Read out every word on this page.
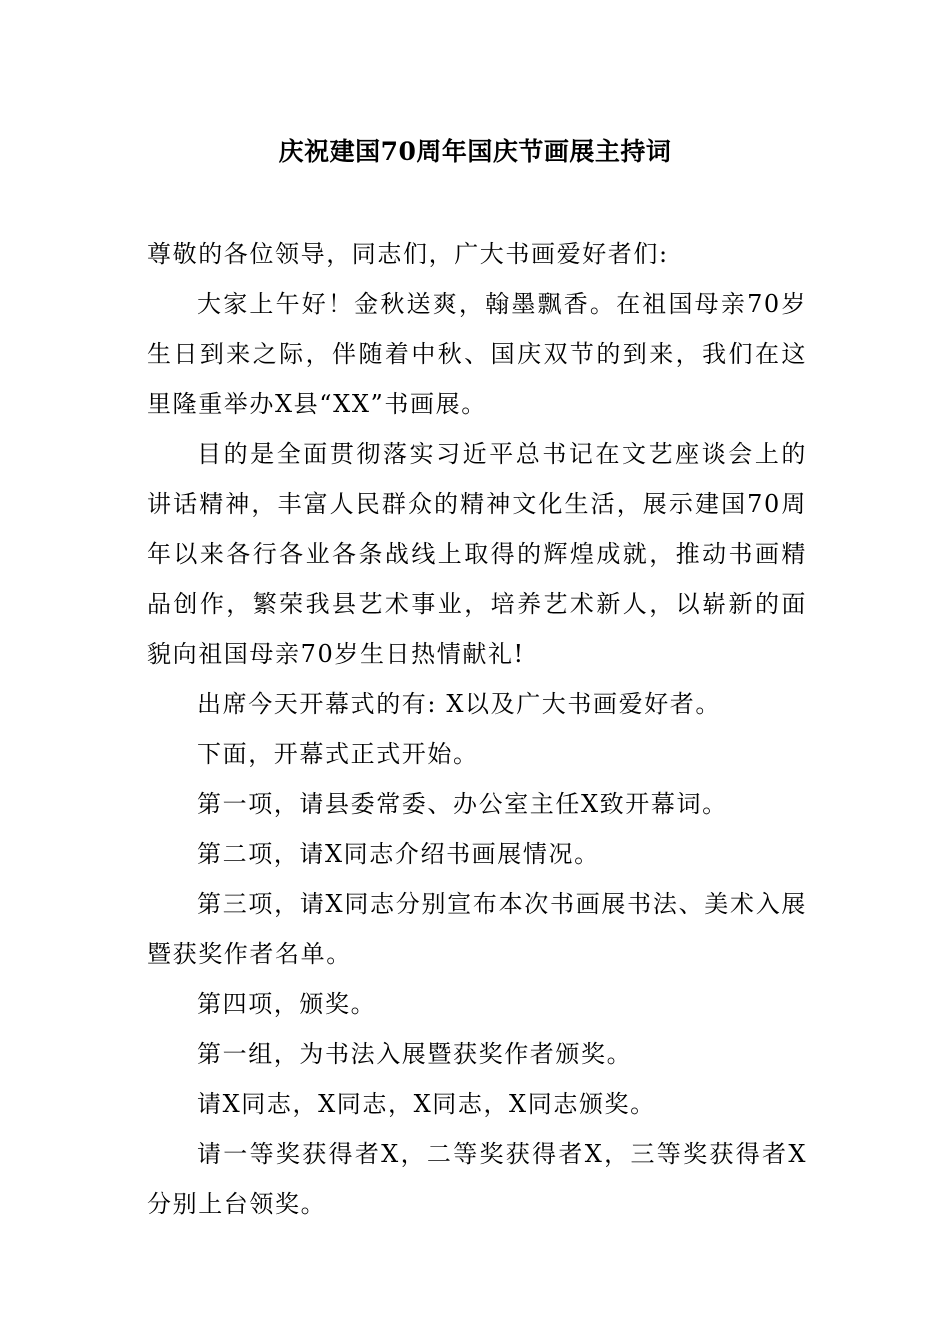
庆祝建国70周年国庆节画展主持词

尊敬的各位领导，同志们，广大书画爱好者们:

大家上午好！金秋送爽，翰墨飘香。在祖国母亲70岁生日到来之际，伴随着中秋、国庆双节的到来，我们在这里隆重举办X县“XX”书画展。

目的是全面贯彻落实习近平总书记在文艺座谈会上的讲话精神，丰富人民群众的精神文化生活，展示建国70周年以来各行各业各条战线上取得的辉煌成就，推动书画精品创作，繁荣我县艺术事业，培养艺术新人，以崭新的面貌向祖国母亲70岁生日热情献礼!

出席今天开幕式的有: X以及广大书画爱好者。

下面，开幕式正式开始。

第一项，请县委常委、办公室主任X致开幕词。

第二项，请X同志介绍书画展情况。

第三项，请X同志分别宣布本次书画展书法、美术入展暨获奖作者名单。

第四项，颁奖。

第一组，为书法入展暨获奖作者颁奖。

请X同志，X同志，X同志，X同志颁奖。

请一等奖获得者X，二等奖获得者X，三等奖获得者X分别上台领奖。
